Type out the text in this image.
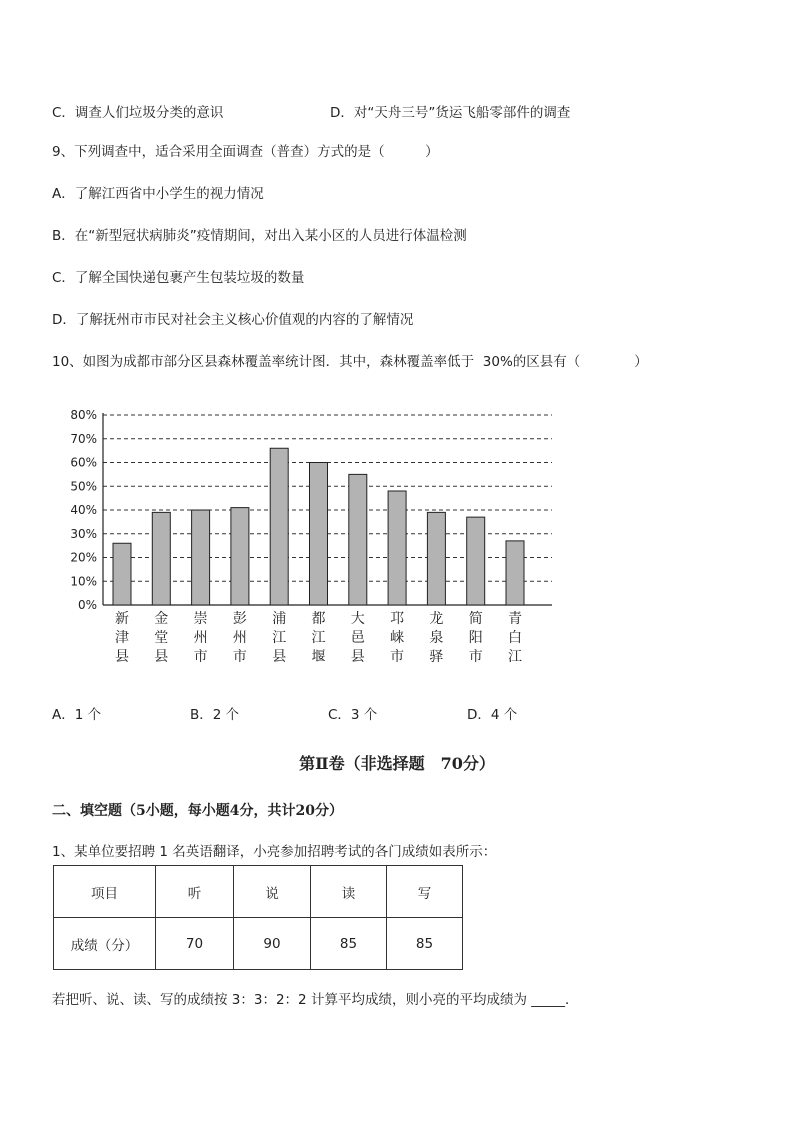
C．调查人们垃圾分类的意识	D．对“天舟三号”货运飞船零部件的调查
9、下列调查中，适合采用全面调查（普查）方式的是（　　　）
A．了解江西省中小学生的视力情况
B．在“新型冠状病肺炎”疫情期间，对出入某小区的人员进行体温检测
C．了解全国快递包裹产生包装垃圾的数量
D．了解抚州市市民对社会主义核心价值观的内容的了解情况
10、如图为成都市部分区县森林覆盖率统计图．其中，森林覆盖率低于  30%的区县有（　　　　）
0%
10%
20%
30%
40%
50%
60%
70%
80%
新津县
金堂县
崇州市
彭州市
浦江县
都江堰
大邑县
邛崃市
龙泉驿
简阳市
青白江
A．1 个	B．2 个	C．3 个	D．4 个
第Ⅱ卷（非选择题　70分）
二、填空题（5小题，每小题4分，共计20分）
1、某单位要招聘 1 名英语翻译，小亮参加招聘考试的各门成绩如表所示：
项目	听	说	读	写
成绩（分）	70	90	85	85
若把听、说、读、写的成绩按 3：3：2：2 计算平均成绩，则小亮的平均成绩为 _____．
